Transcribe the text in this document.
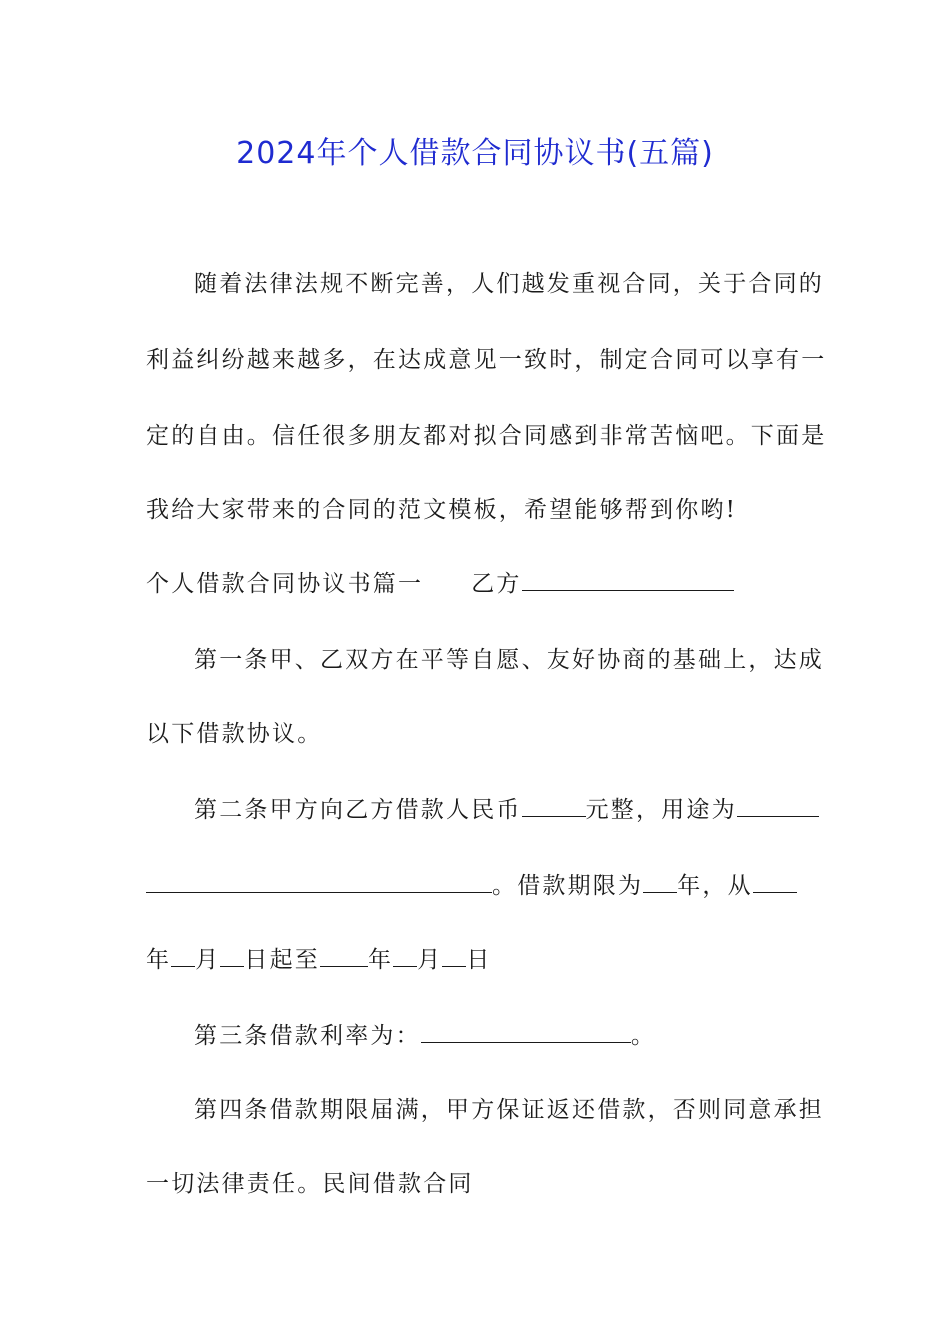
2024年个人借款合同协议书(五篇)
随着法律法规不断完善，人们越发重视合同，关于合同的
利益纠纷越来越多，在达成意见一致时，制定合同可以享有一
定的自由。信任很多朋友都对拟合同感到非常苦恼吧。下面是
我给大家带来的合同的范文模板，希望能够帮到你哟!
个人借款合同协议书篇一 乙方
第一条甲、乙双方在平等自愿、友好协商的基础上，达成
以下借款协议。
第二条甲方向乙方借款人民币	元整，用途为
。借款期限为 年，从
年 月 日起至 年 月 日
第三条借款利率为：	。
第四条借款期限届满，甲方保证返还借款，否则同意承担
一切法律责任。民间借款合同
